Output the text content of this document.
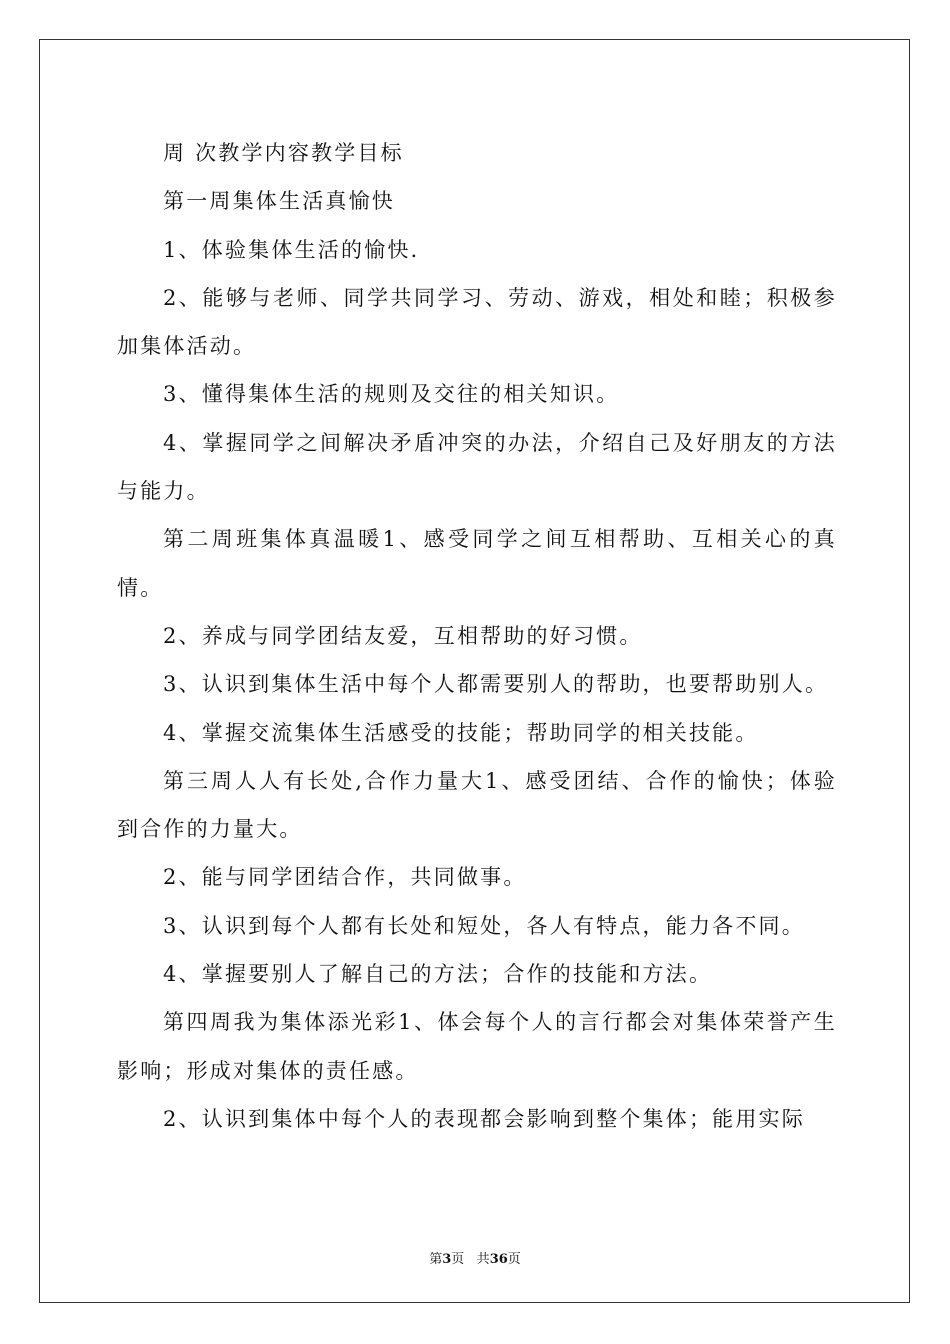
周 次教学内容教学目标

第一周集体生活真愉快

1、体验集体生活的愉快.

2、能够与老师、同学共同学习、劳动、游戏，相处和睦；积极参加集体活动。

3、懂得集体生活的规则及交往的相关知识。

4、掌握同学之间解决矛盾冲突的办法，介绍自己及好朋友的方法与能力。

第二周班集体真温暖1、感受同学之间互相帮助、互相关心的真情。

2、养成与同学团结友爱，互相帮助的好习惯。

3、认识到集体生活中每个人都需要别人的帮助，也要帮助别人。

4、掌握交流集体生活感受的技能；帮助同学的相关技能。

第三周人人有长处,合作力量大1、感受团结、合作的愉快；体验到合作的力量大。

2、能与同学团结合作，共同做事。

3、认识到每个人都有长处和短处，各人有特点，能力各不同。

4、掌握要别人了解自己的方法；合作的技能和方法。

第四周我为集体添光彩1、体会每个人的言行都会对集体荣誉产生影响；形成对集体的责任感。

2、认识到集体中每个人的表现都会影响到整个集体；能用实际

第3页 共36页
